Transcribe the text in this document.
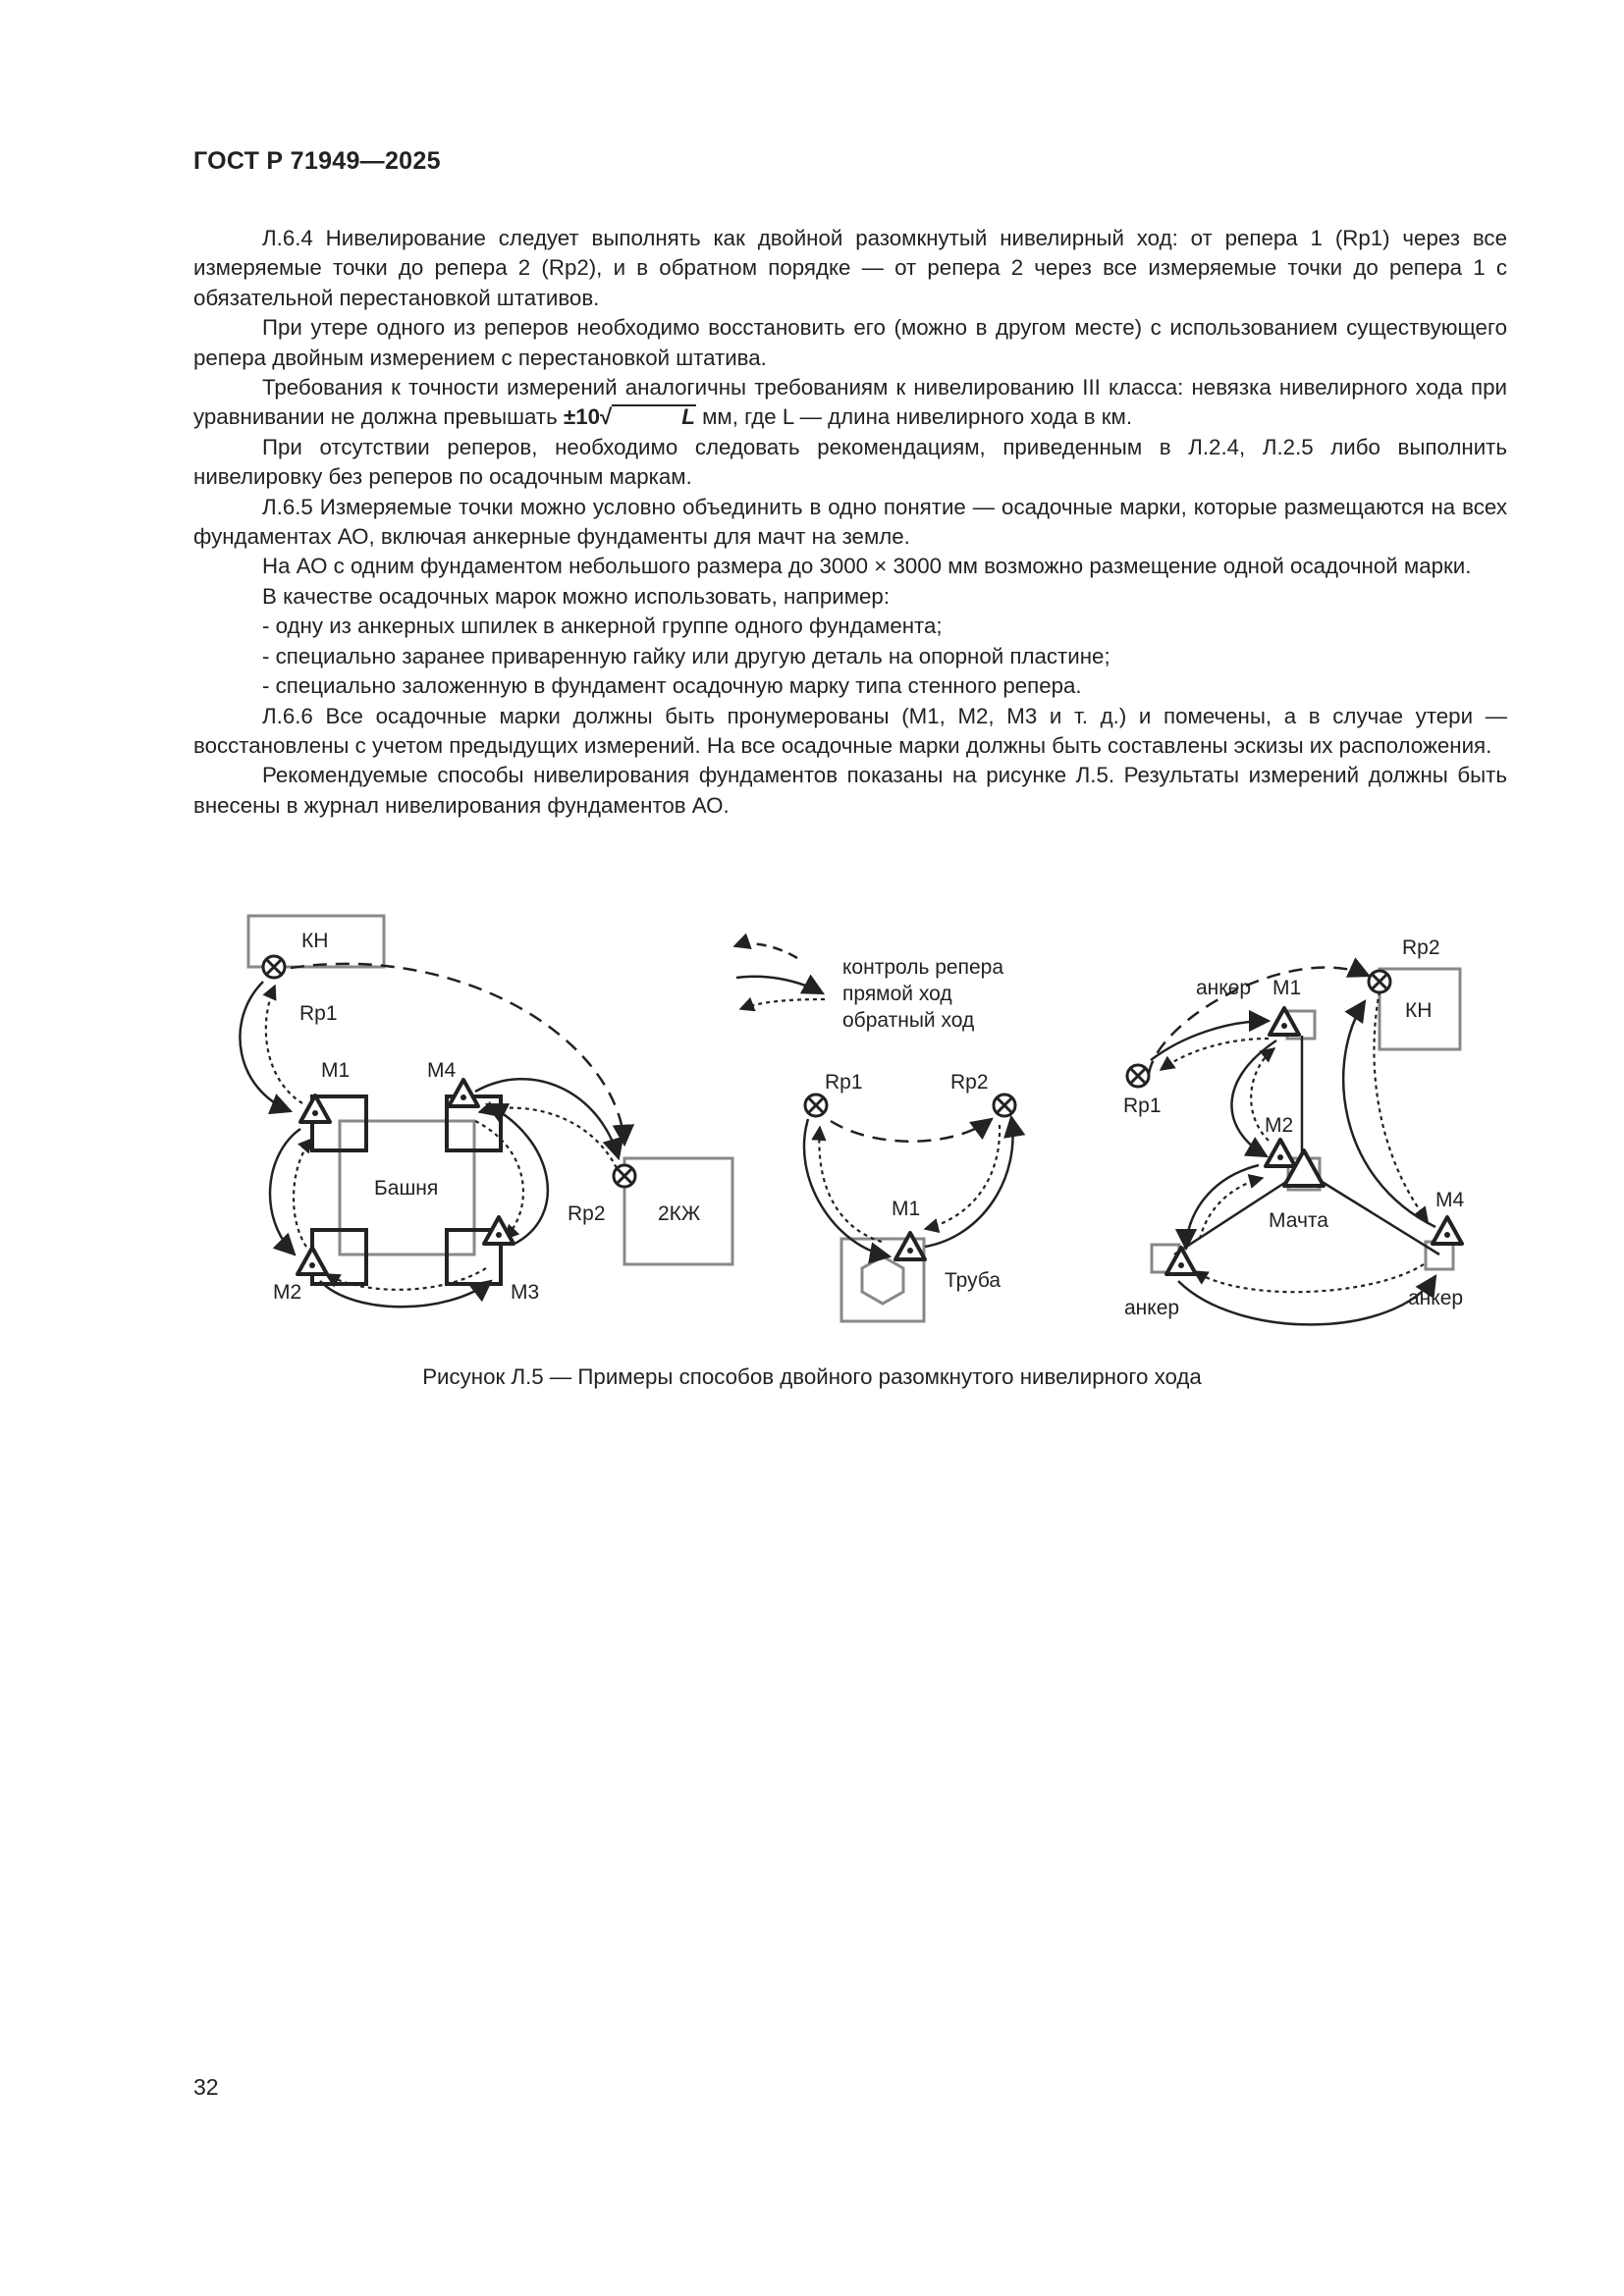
ГОСТ Р 71949—2025

Л.6.4 Нивелирование следует выполнять как двойной разомкнутый нивелирный ход: от репера 1 (Rp1) через все измеряемые точки до репера 2 (Rp2), и в обратном порядке — от репера 2 через все измеряемые точки до репера 1 с обязательной перестановкой штативов.

При утере одного из реперов необходимо восстановить его (можно в другом месте) с использованием существующего репера двойным измерением с перестановкой штатива.

Требования к точности измерений аналогичны требованиям к нивелированию III класса: невязка нивелирного хода при уравнивании не должна превышать ±10√	L мм, где L — длина нивелирного хода в км.

При отсутствии реперов, необходимо следовать рекомендациям, приведенным в Л.2.4, Л.2.5 либо выполнить нивелировку без реперов по осадочным маркам.

Л.6.5 Измеряемые точки можно условно объединить в одно понятие — осадочные марки, которые размещаются на всех фундаментах АО, включая анкерные фундаменты для мачт на земле.

На АО с одним фундаментом небольшого размера до 3000 × 3000 мм возможно размещение одной осадочной марки.

В качестве осадочных марок можно использовать, например:

- одну из анкерных шпилек в анкерной группе одного фундамента;

- специально заранее приваренную гайку или другую деталь на опорной пластине;

- специально заложенную в фундамент осадочную марку типа стенного репера.

Л.6.6 Все осадочные марки должны быть пронумерованы (М1, М2, М3 и т. д.) и помечены, а в случае утери — восстановлены с учетом предыдущих измерений. На все осадочные марки должны быть составлены эскизы их расположения.

Рекомендуемые способы нивелирования фундаментов показаны на рисунке Л.5. Результаты измерений должны быть внесены в журнал нивелирования фундаментов АО.

КН
Rp1
Башня
2КЖ
Rp2
М1	М4
М2	М3
контроль репера
прямой ход
обратный ход
Труба
Rp1	Rp2
М1
КН
Rp2
Rp1
анкер М1
М2
Мачта
М4
анкер	анкер
Рисунок Л.5 — Примеры способов двойного разомкнутого нивелирного хода
32
